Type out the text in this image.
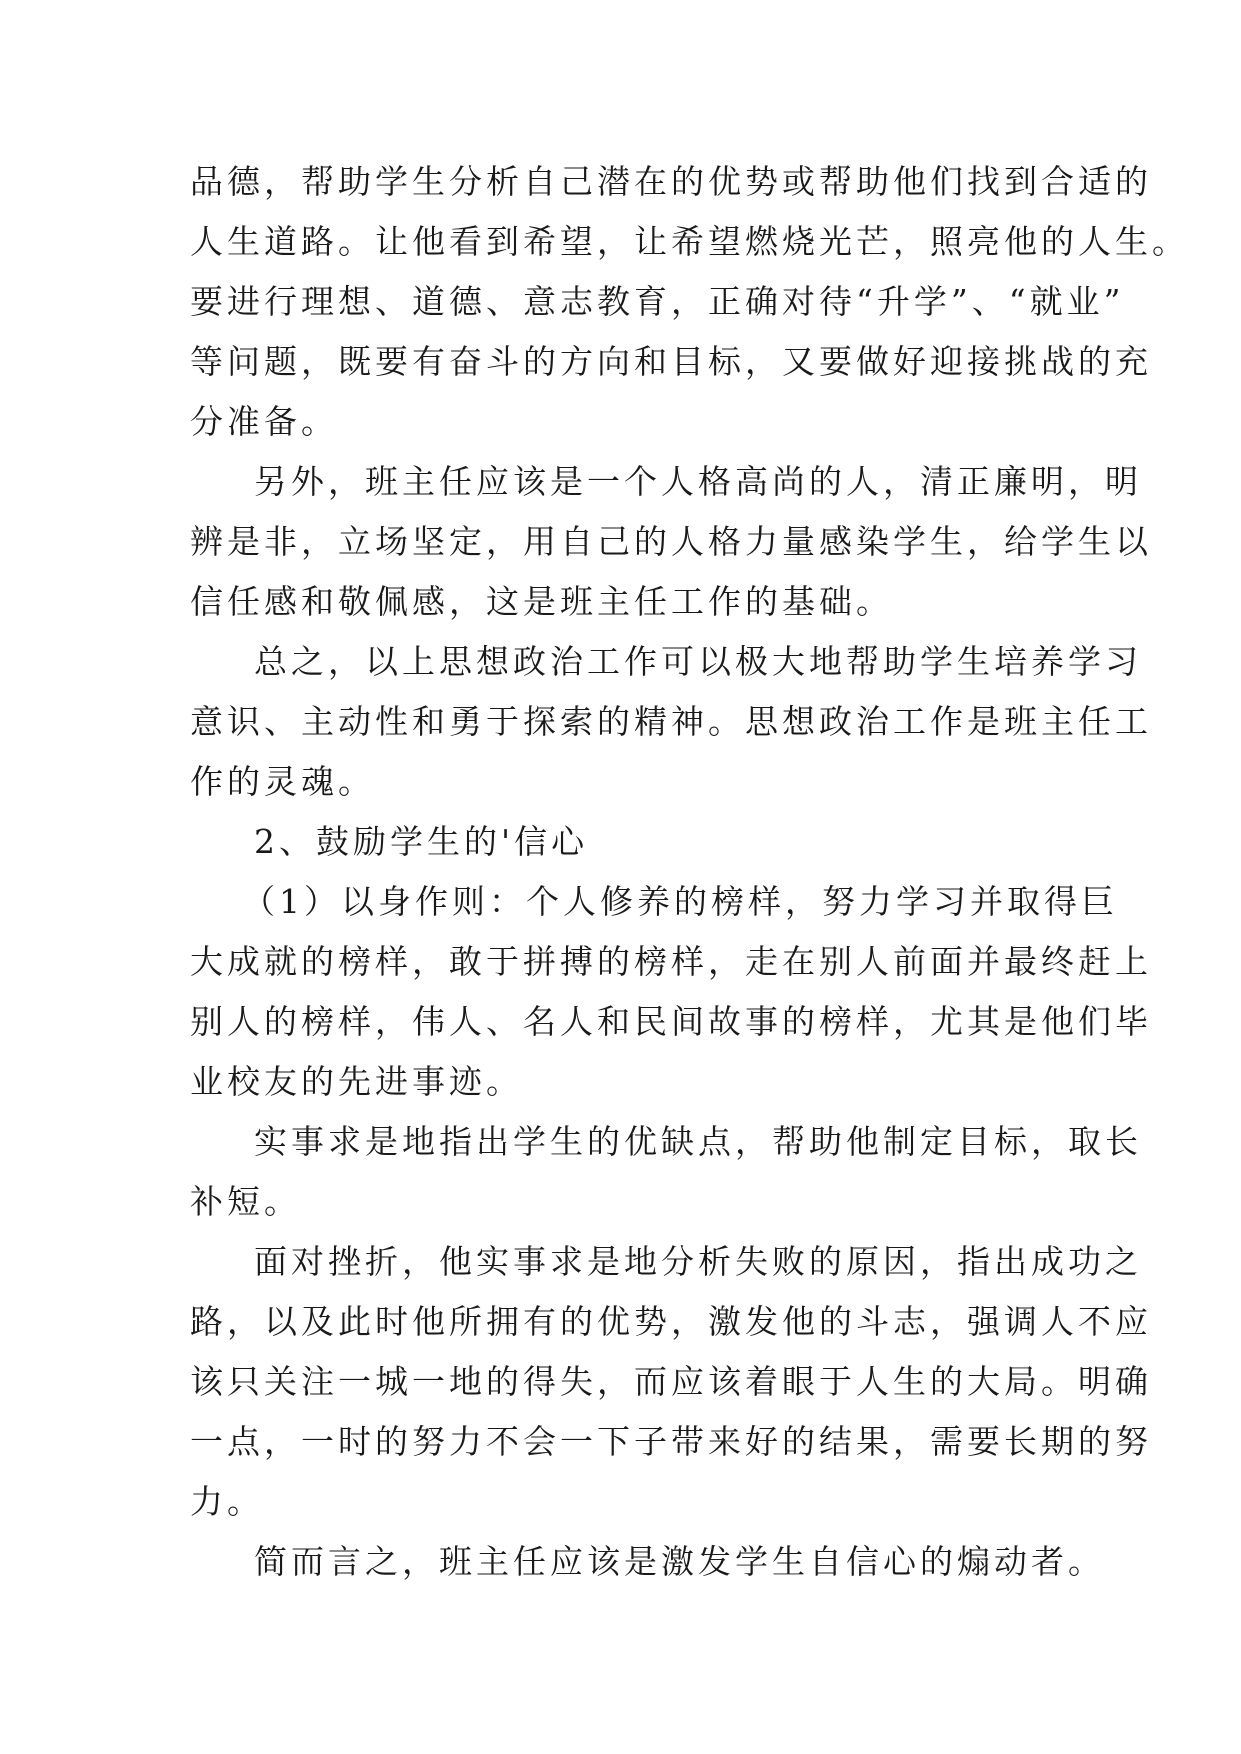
品德，帮助学生分析自己潜在的优势或帮助他们找到合适的
人生道路。让他看到希望，让希望燃烧光芒，照亮他的人生。
要进行理想、道德、意志教育，正确对待“升学”、“就业”
等问题，既要有奋斗的方向和目标，又要做好迎接挑战的充
分准备。
另外，班主任应该是一个人格高尚的人，清正廉明，明
辨是非，立场坚定，用自己的人格力量感染学生，给学生以
信任感和敬佩感，这是班主任工作的基础。
总之，以上思想政治工作可以极大地帮助学生培养学习
意识、主动性和勇于探索的精神。思想政治工作是班主任工
作的灵魂。
2、鼓励学生的'信心
（1）以身作则：个人修养的榜样，努力学习并取得巨
大成就的榜样，敢于拼搏的榜样，走在别人前面并最终赶上
别人的榜样，伟人、名人和民间故事的榜样，尤其是他们毕
业校友的先进事迹。
实事求是地指出学生的优缺点，帮助他制定目标，取长
补短。
面对挫折，他实事求是地分析失败的原因，指出成功之
路，以及此时他所拥有的优势，激发他的斗志，强调人不应
该只关注一城一地的得失，而应该着眼于人生的大局。明确
一点，一时的努力不会一下子带来好的结果，需要长期的努
力。
简而言之，班主任应该是激发学生自信心的煽动者。
